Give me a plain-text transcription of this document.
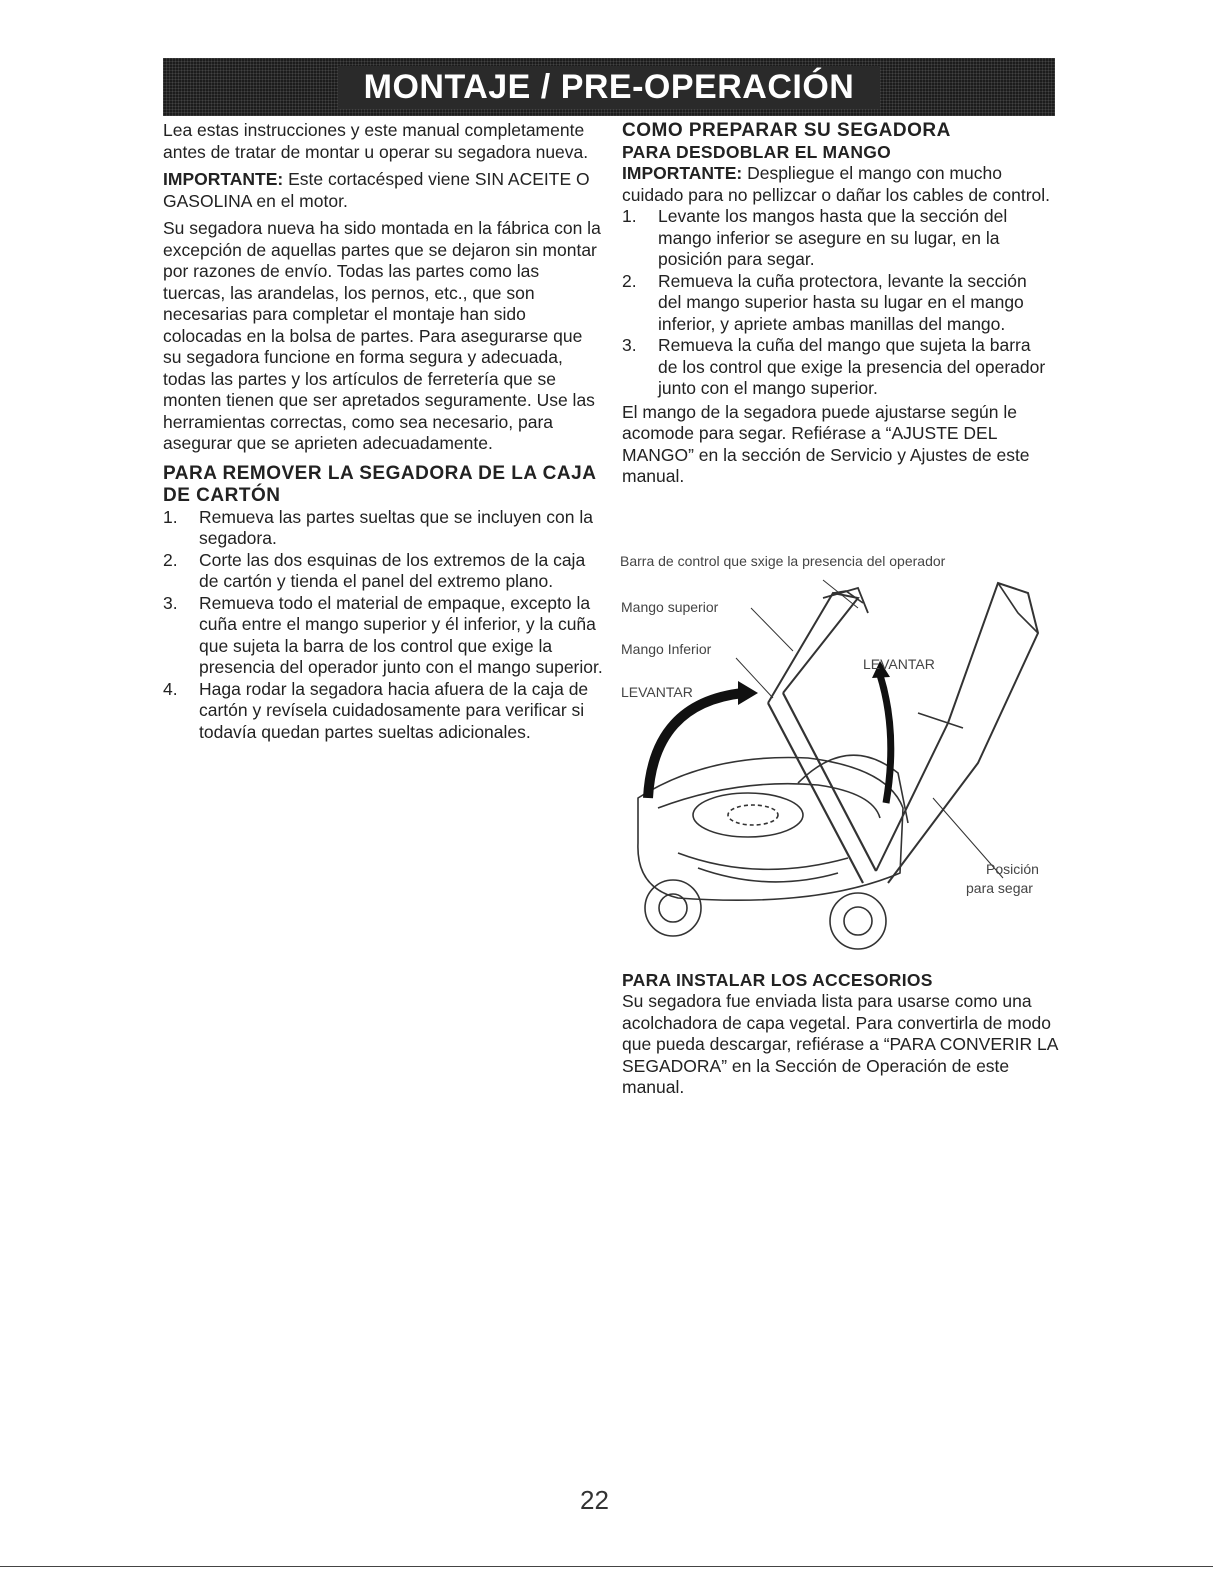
MONTAJE / PRE-OPERACIÓN

Lea estas instrucciones y este manual completamente antes de tratar de montar u operar su segadora nueva.

IMPORTANTE: Este cortacésped viene SIN ACEITE O GASOLINA en el motor.

Su segadora nueva ha sido montada en la fábrica con la excepción de aquellas partes que se dejaron sin montar por razones de envío. Todas las partes como las tuercas, las arandelas, los pernos, etc., que son necesarias para completar el montaje han sido colocadas en la bolsa de partes. Para asegurarse que su segadora funcione en forma segura y adecuada, todas las partes y los artículos de ferretería que se monten tienen que ser apretados seguramente. Use las herramientas correctas, como sea necesario, para asegurar que se aprieten adecuadamente.

PARA REMOVER LA SEGADORA DE LA CAJA DE CARTÓN
1. Remueva las partes sueltas que se incluyen con la segadora.
2. Corte las dos esquinas de los extremos de la caja de cartón y tienda el panel del extremo plano.
3. Remueva todo el material de empaque, excepto la cuña entre el mango superior y él inferior, y la cuña que sujeta la barra de los control que exige la presencia del operador junto con el mango superior.
4. Haga rodar la segadora hacia afuera de la caja de cartón y revísela cuidadosamente para verificar si todavía quedan partes sueltas adicionales.
COMO PREPARAR SU SEGADORA
PARA DESDOBLAR EL MANGO

IMPORTANTE: Despliegue el mango con mucho cuidado para no pellizcar o dañar los cables de control.

1. Levante los mangos hasta que la sección del mango inferior se asegure en su lugar, en la posición para segar.
2. Remueva la cuña protectora, levante la sección del mango superior hasta su lugar en el mango inferior, y apriete ambas manillas del mango.
3. Remueva la cuña del mango que sujeta la barra de los control que exige la presencia del operador junto con el mango superior.

El mango de la segadora puede ajustarse según le acomode para segar. Refiérase a “AJUSTE DEL MANGO” en la sección de Servicio y Ajustes de este manual.

Barra de control que sxige la presencia del operador
Mango superior
Mango Inferior
LEVANTAR
LEVANTAR
Posición
para segar
PARA INSTALAR LOS ACCESORIOS

Su segadora fue enviada lista para usarse como una acolchadora de capa vegetal. Para convertirla de modo que pueda descargar, refiérase a “PARA CONVERIR LA SEGADORA” en la Sección de Operación de este manual.

22
